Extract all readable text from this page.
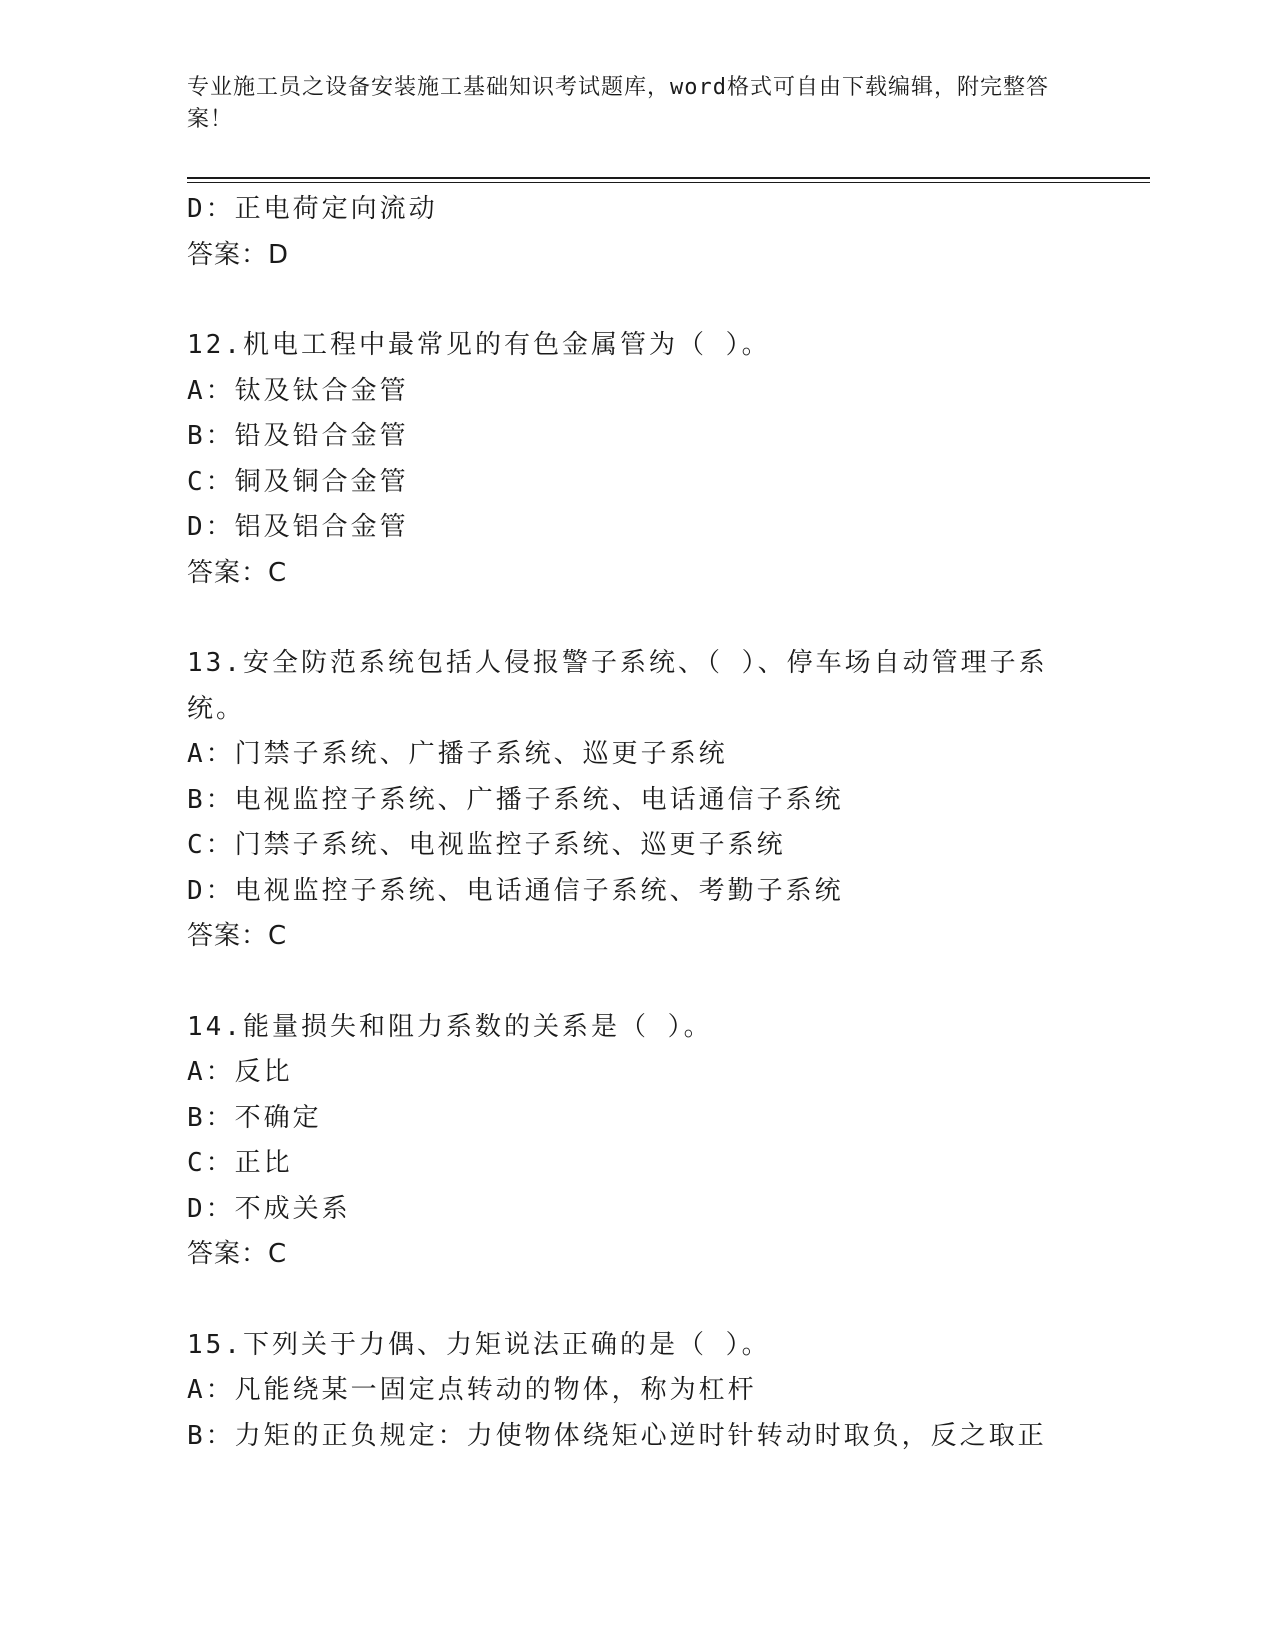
专业施工员之设备安装施工基础知识考试题库，word格式可自由下载编辑，附完整答案！
D：正电荷定向流动
答案：D
12.机电工程中最常见的有色金属管为（ ）。
A：钛及钛合金管
B：铅及铅合金管
C：铜及铜合金管
D：铝及铝合金管
答案：C
13.安全防范系统包括人侵报警子系统、（ ）、停车场自动管理子系统。
A：门禁子系统、广播子系统、巡更子系统
B：电视监控子系统、广播子系统、电话通信子系统
C：门禁子系统、电视监控子系统、巡更子系统
D：电视监控子系统、电话通信子系统、考勤子系统
答案：C
14.能量损失和阻力系数的关系是（ ）。
A：反比
B：不确定
C：正比
D：不成关系
答案：C
15.下列关于力偶、力矩说法正确的是（ ）。
A：凡能绕某一固定点转动的物体，称为杠杆
B：力矩的正负规定：力使物体绕矩心逆时针转动时取负，反之取正
